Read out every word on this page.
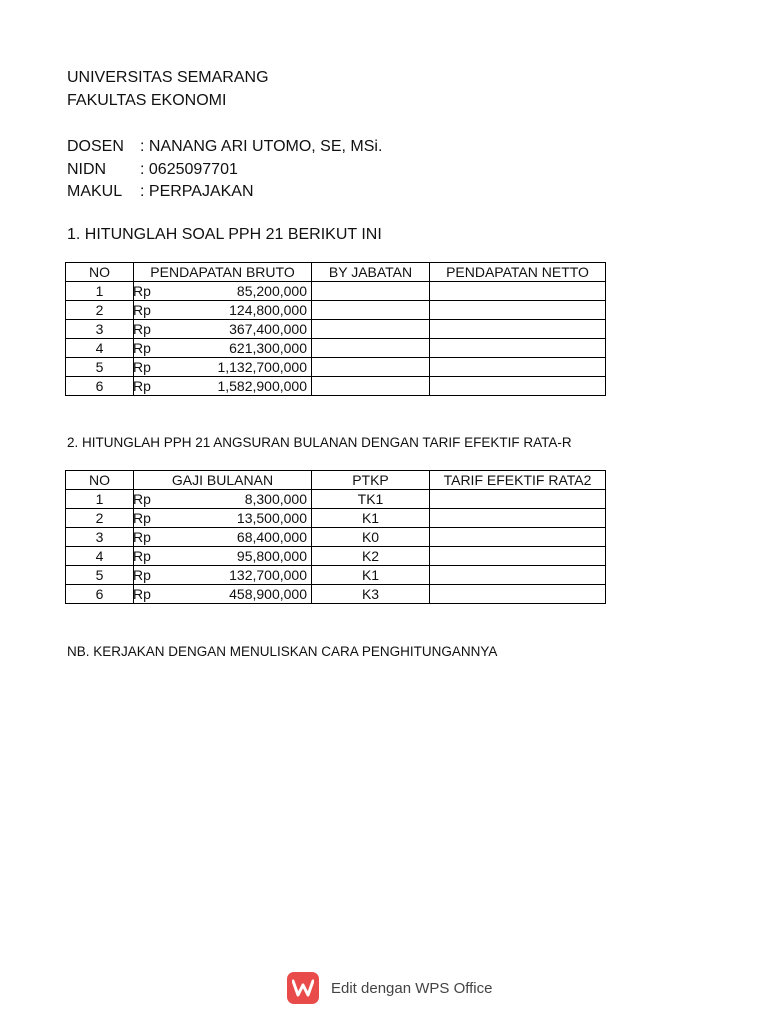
UNIVERSITAS SEMARANG
FAKULTAS EKONOMI
DOSEN : NANANG ARI UTOMO, SE, MSi.
NIDN : 0625097701
MAKUL : PERPAJAKAN
1. HITUNGLAH SOAL PPH 21 BERIKUT INI
NO	PENDAPATAN BRUTO	BY JABATAN	PENDAPATAN NETTO
1	Rp 85,200,000		

2	Rp 124,800,000		

3	Rp 367,400,000		

4	Rp 621,300,000		

5	Rp 1,132,700,000		

6	Rp 1,582,900,000		

2. HITUNGLAH PPH 21 ANGSURAN BULANAN DENGAN TARIF EFEKTIF RATA-R
NO	GAJI BULANAN	PTKP	TARIF EFEKTIF RATA2
1	Rp 8,300,000	TK1	
2	Rp 13,500,000	K1	
3	Rp 68,400,000	K0	
4	Rp 95,800,000	K2	
5	Rp 132,700,000	K1	
6	Rp 458,900,000	K3	
NB. KERJAKAN DENGAN MENULISKAN CARA PENGHITUNGANNYA
Edit dengan WPS Office
